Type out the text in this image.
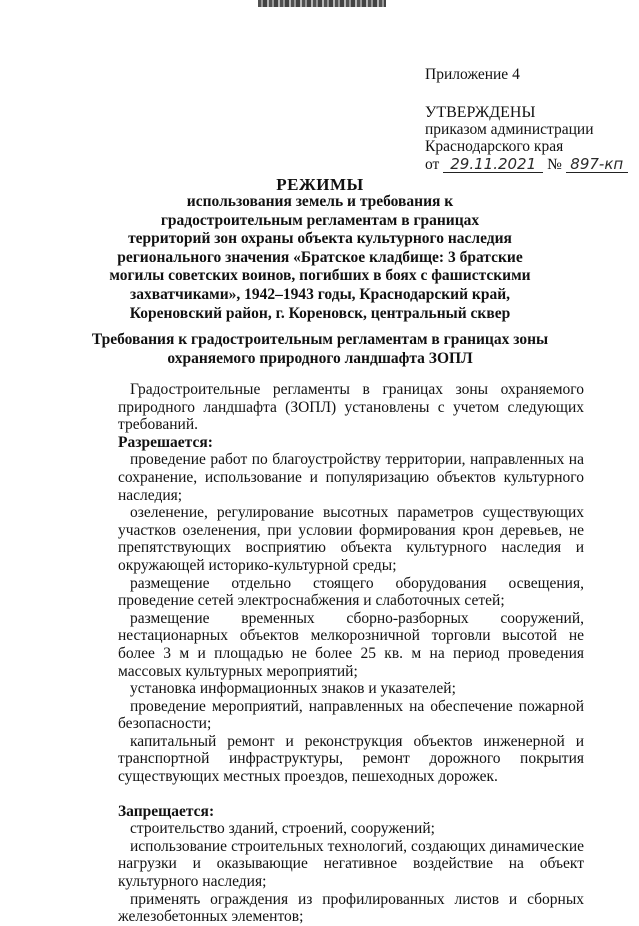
Приложение 4
УТВЕРЖДЕНЫ
приказом администрации
Краснодарского края
от 29.11.2021 № 897-кп
РЕЖИМЫ
использования земель и требования к
градостроительным регламентам в границах
территорий зон охраны объекта культурного наследия
регионального значения «Братское кладбище: 3 братские
могилы советских воинов, погибших в боях с фашистскими
захватчиками», 1942–1943 годы, Краснодарский край,
Кореновский район, г. Кореновск, центральный сквер
Требования к градостроительным регламентам в границах зоны
охраняемого природного ландшафта ЗОПЛ

Градостроительные регламенты в границах зоны охраняемого природного ландшафта (ЗОПЛ) установлены с учетом следующих требований.

Разрешается:

проведение работ по благоустройству территории, направленных на сохранение, использование и популяризацию объектов культурного наследия;

озеленение, регулирование высотных параметров существующих участков озеленения, при условии формирования крон деревьев, не препятствующих восприятию объекта культурного наследия и окружающей историко-культурной среды;

размещение отдельно стоящего оборудования освещения, проведение сетей электроснабжения и слаботочных сетей;

размещение временных сборно-разборных сооружений, нестационарных объектов мелкорозничной торговли высотой не более 3 м и площадью не более 25 кв. м на период проведения массовых культурных мероприятий;

установка информационных знаков и указателей;

проведение мероприятий, направленных на обеспечение пожарной безопасности;

капитальный ремонт и реконструкция объектов инженерной и транспортной инфраструктуры, ремонт дорожного покрытия существующих местных проездов, пешеходных дорожек.

Запрещается:

строительство зданий, строений, сооружений;

использование строительных технологий, создающих динамические нагрузки и оказывающие негативное воздействие на объект культурного наследия;

применять ограждения из профилированных листов и сборных железобетонных элементов;
